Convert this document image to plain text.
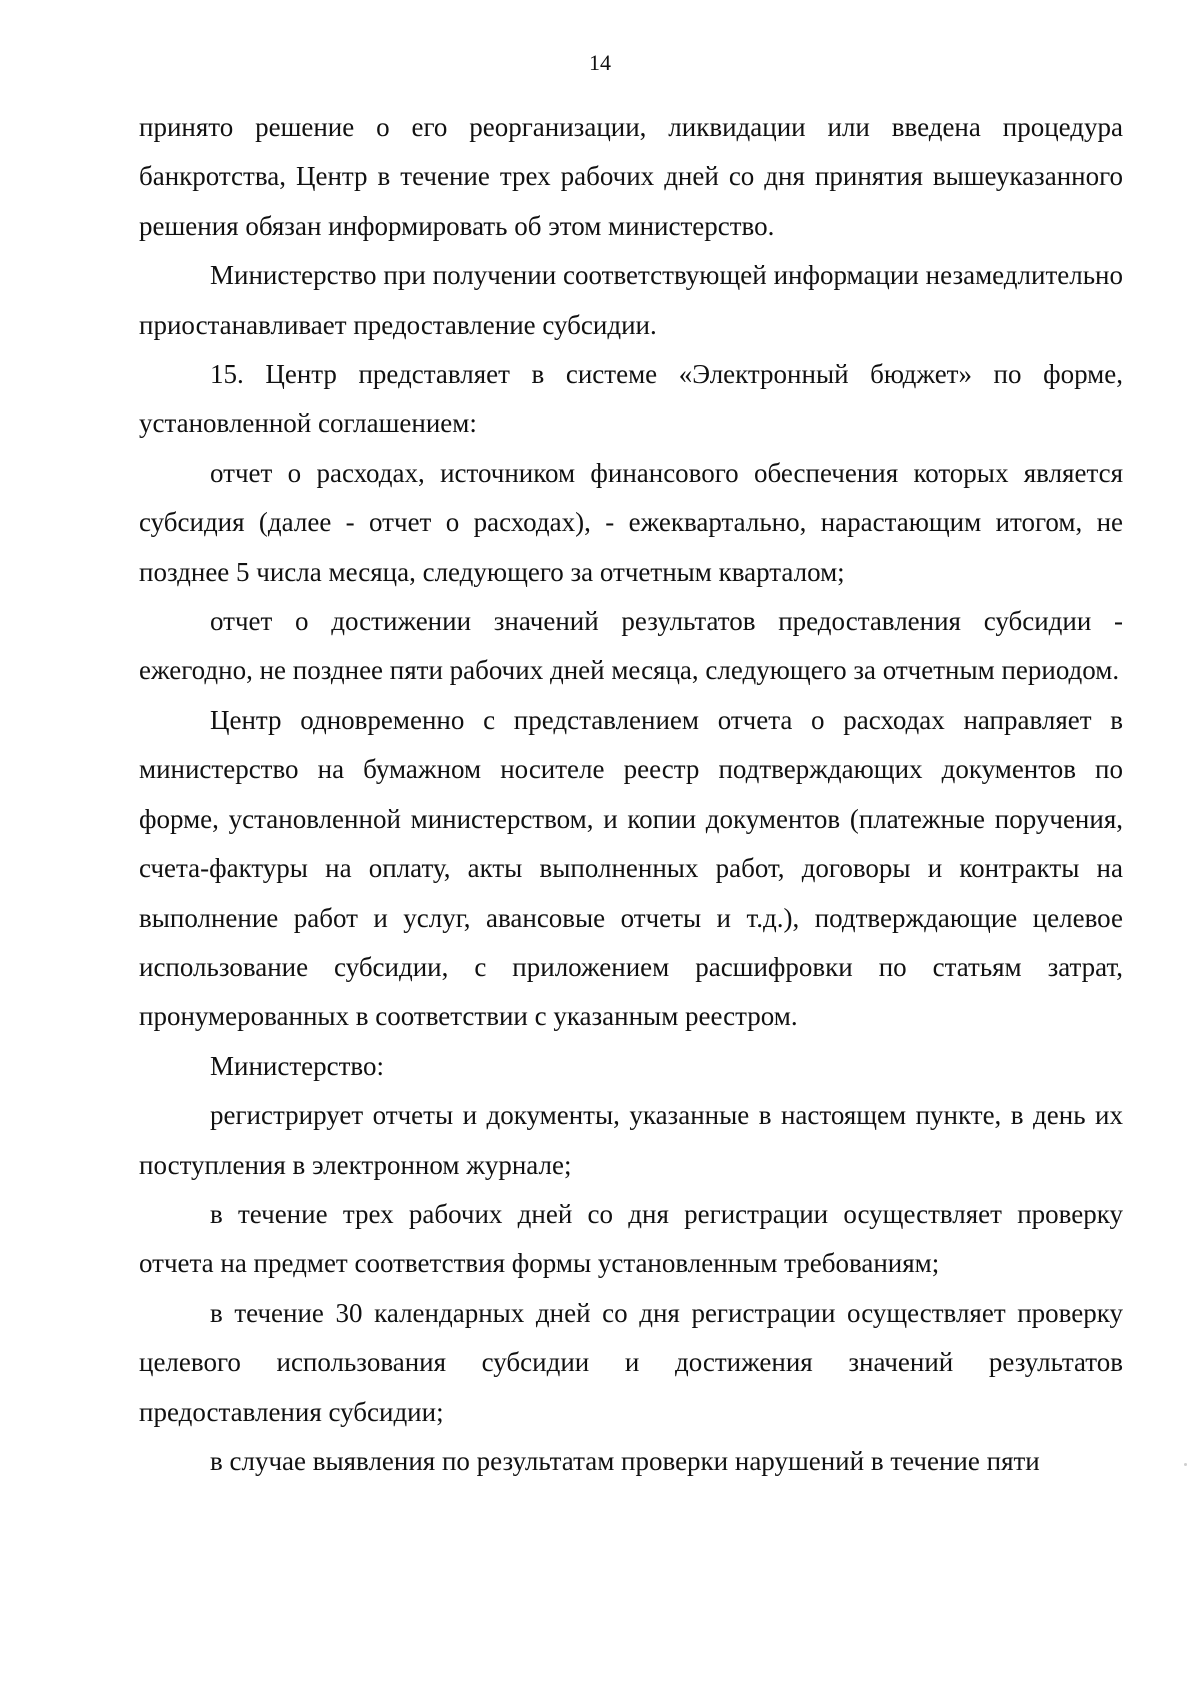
14

принято решение о его реорганизации, ликвидации или введена процедура банкротства, Центр в течение трех рабочих дней со дня принятия вышеуказанного решения обязан информировать об этом министерство.

Министерство при получении соответствующей информации незамедлительно приостанавливает предоставление субсидии.

15. Центр представляет в системе «Электронный бюджет» по форме, установленной соглашением:

отчет о расходах, источником финансового обеспечения которых является субсидия (далее - отчет о расходах), - ежеквартально, нарастающим итогом, не позднее 5 числа месяца, следующего за отчетным кварталом;

отчет о достижении значений результатов предоставления субсидии - ежегодно, не позднее пяти рабочих дней месяца, следующего за отчетным периодом.

Центр одновременно с представлением отчета о расходах направляет в министерство на бумажном носителе реестр подтверждающих документов по форме, установленной министерством, и копии документов (платежные поручения, счета-фактуры на оплату, акты выполненных работ, договоры и контракты на выполнение работ и услуг, авансовые отчеты и т.д.), подтверждающие целевое использование субсидии, с приложением расшифровки по статьям затрат, пронумерованных в соответствии с указанным реестром.

Министерство:

регистрирует отчеты и документы, указанные в настоящем пункте, в день их поступления в электронном журнале;

в течение трех рабочих дней со дня регистрации осуществляет проверку отчета на предмет соответствия формы установленным требованиям;

в течение 30 календарных дней со дня регистрации осуществляет проверку целевого использования субсидии и достижения значений результатов предоставления субсидии;

в случае выявления по результатам проверки нарушений в течение пяти
